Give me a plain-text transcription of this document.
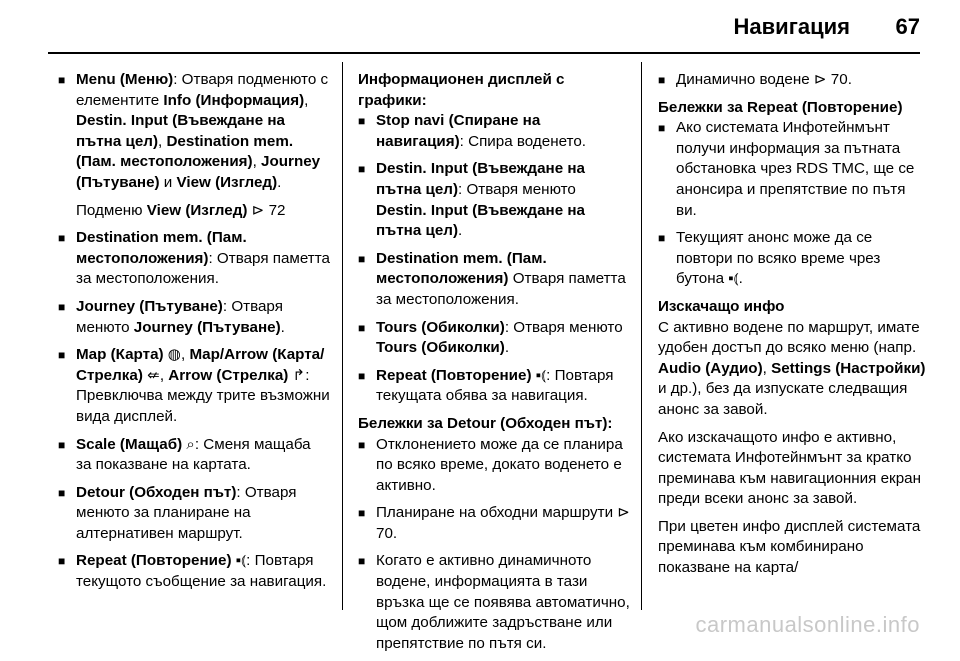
Навигация 67
■ Menu (Меню): Отваря подменюто с елементите Info (Информация), Destin. Input (Въвеждане на пътна цел), Destination mem. (Пам. местоположения), Journey (Пътуване) и View (Изглед).

Подменю View (Изглед) ⊳ 72

■ Destination mem. (Пам. местоположения): Отваря паметта за местоположения.
■ Journey (Пътуване): Отваря менюто Journey (Пътуване).
■ Map (Карта) ◍, Map/Arrow (Карта/Стрелка) ⇍, Arrow (Стрелка) ↱: Превключва между трите възможни вида дисплей.
■ Scale (Мащаб) ⌕: Сменя мащаба за показване на картата.
■ Detour (Обходен път): Отваря менюто за планиране на алтернативен маршрут.
■ Repeat (Повторение) ▪⦅: Повтаря текущото съобщение за навигация.

Информационен дисплей с графики:

■ Stop navi (Спиране на навигация): Спира воденето.
■ Destin. Input (Въвеждане на пътна цел): Отваря менюто Destin. Input (Въвеждане на пътна цел).
■ Destination mem. (Пам. местоположения) Отваря паметта за местоположения.
■ Tours (Обиколки): Отваря менюто Tours (Обиколки).
■ Repeat (Повторение) ▪⦅: Повтаря текущата обявa за навигация.

Бележки за Detour (Обходен път):

■ Отклонението може да се планира по всяко време, докато воденето е активно.
■ Планиране на обходни маршрути ⊳ 70.
■ Когато е активно динамичното водене, информацията в тази връзка ще се появява автоматично, щом доближите задръстване или препятствие по пътя си.
■ Динамично водене ⊳ 70.

Бележки за Repeat (Повторение)

■ Ако системата Инфотейнмънт получи информация за пътната обстановка чрез RDS TMC, ще се анонсира и препятствие по пътя ви.
■ Текущият анонс може да се повтори по всяко време чрез бутона ▪⦅.

Изскачащо инфо

С активно водене по маршрут, имате удобен достъп до всяко меню (напр. Audio (Аудио), Settings (Настройки) и др.), без да изпускате следващия анонс за завой.

Ако изскачащото инфо е активно, системата Инфотейнмънт за кратко преминава към навигационния екран преди всеки анонс за завой.

При цветен инфо дисплей системата преминава към комбинирано показване на карта/

carmanualsonline.info
